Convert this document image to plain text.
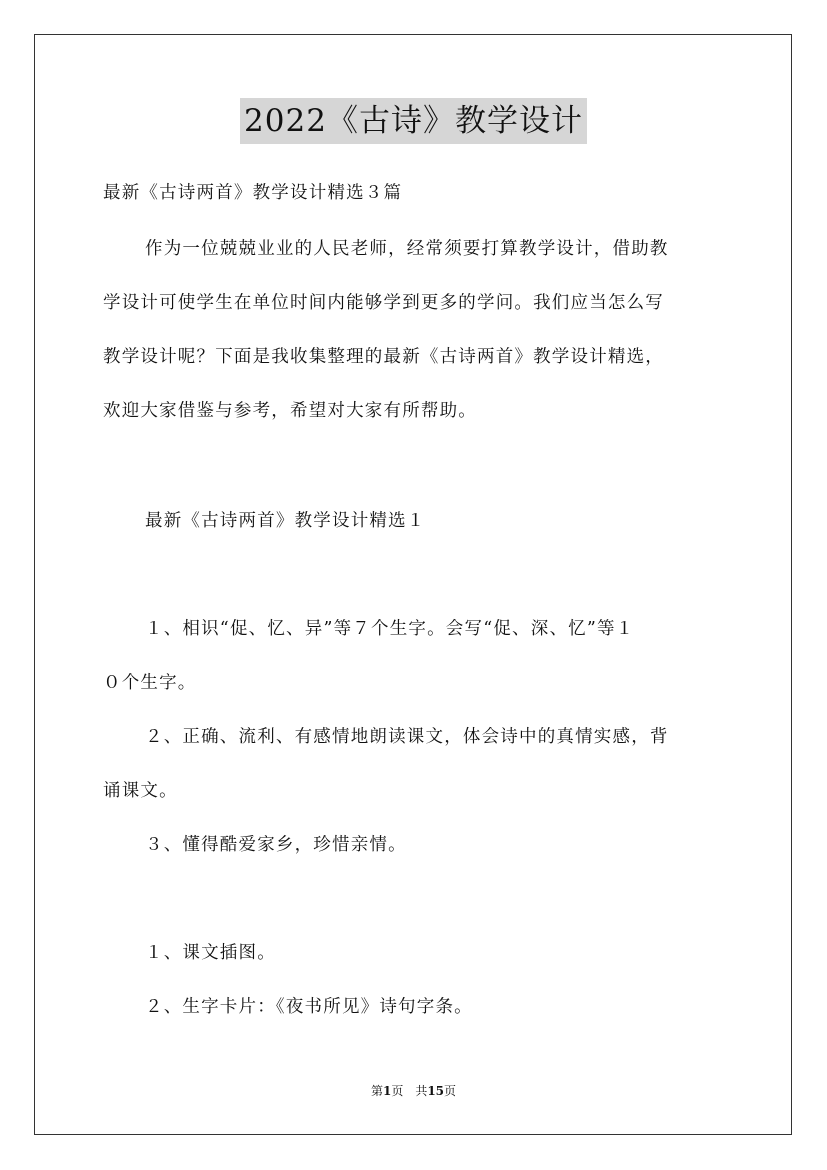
2022《古诗》教学设计
最新《古诗两首》教学设计精选３篇
作为一位兢兢业业的人民老师，经常须要打算教学设计，借助教
学设计可使学生在单位时间内能够学到更多的学问。我们应当怎么写
教学设计呢？下面是我收集整理的最新《古诗两首》教学设计精选，
欢迎大家借鉴与参考，希望对大家有所帮助。
最新《古诗两首》教学设计精选１
１、相识“促、忆、异”等７个生字。会写“促、深、忆”等１
０个生字。
２、正确、流利、有感情地朗读课文，体会诗中的真情实感，背
诵课文。
３、懂得酷爱家乡，珍惜亲情。
１、课文插图。
２、生字卡片：《夜书所见》诗句字条。
第1页　共15页
